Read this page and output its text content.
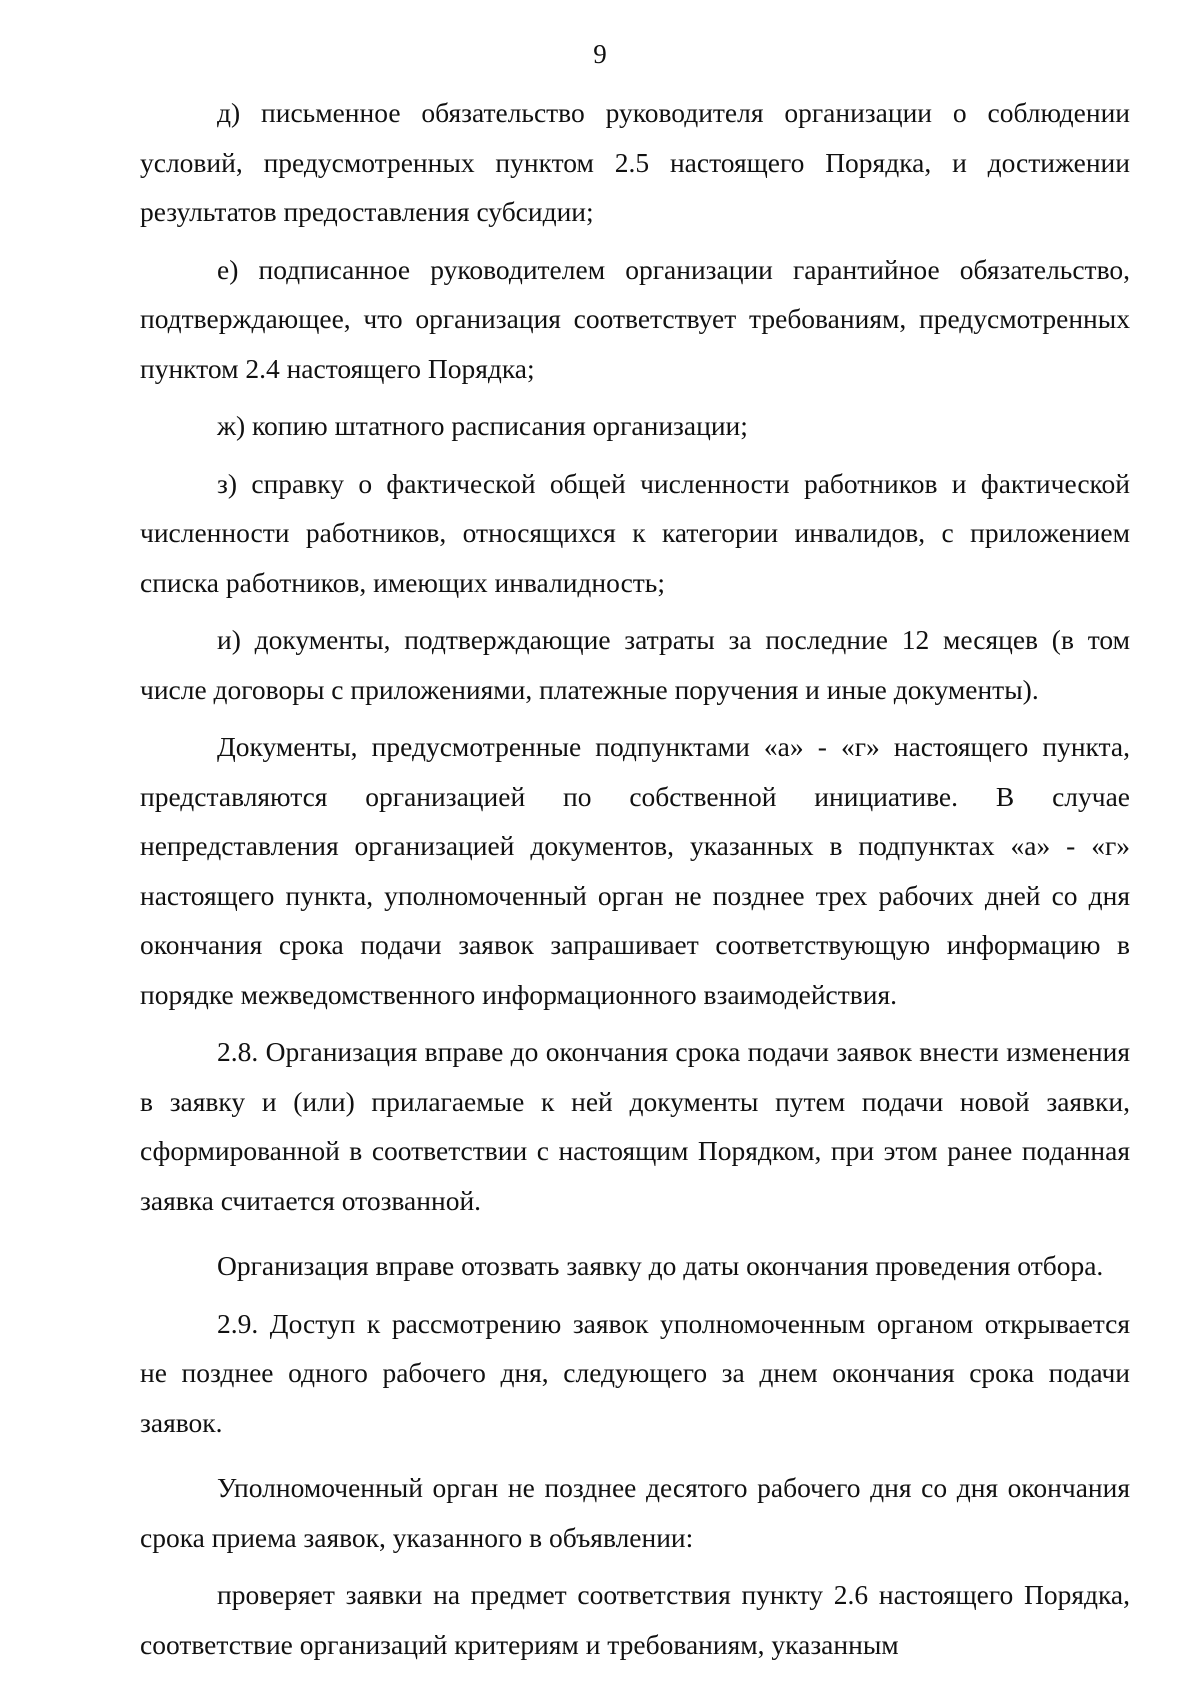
9

д) письменное обязательство руководителя организации о соблюдении условий, предусмотренных пунктом 2.5 настоящего Порядка, и достижении результатов предоставления субсидии;

е) подписанное руководителем организации гарантийное обязательство, подтверждающее, что организация соответствует требованиям, предусмотренных пунктом 2.4 настоящего Порядка;

ж) копию штатного расписания организации;

з) справку о фактической общей численности работников и фактической численности работников, относящихся к категории инвалидов, с приложением списка работников, имеющих инвалидность;

и) документы, подтверждающие затраты за последние 12 месяцев (в том числе договоры с приложениями, платежные поручения и иные документы).

Документы, предусмотренные подпунктами «а» - «г» настоящего пункта, представляются организацией по собственной инициативе. В случае непредставления организацией документов, указанных в подпунктах «а» - «г» настоящего пункта, уполномоченный орган не позднее трех рабочих дней со дня окончания срока подачи заявок запрашивает соответствующую информацию в порядке межведомственного информационного взаимодействия.

2.8. Организация вправе до окончания срока подачи заявок внести изменения в заявку и (или) прилагаемые к ней документы путем подачи новой заявки, сформированной в соответствии с настоящим Порядком, при этом ранее поданная заявка считается отозванной.

Организация вправе отозвать заявку до даты окончания проведения отбора.

2.9. Доступ к рассмотрению заявок уполномоченным органом открывается не позднее одного рабочего дня, следующего за днем окончания срока подачи заявок.

Уполномоченный орган не позднее десятого рабочего дня со дня окончания срока приема заявок, указанного в объявлении:

проверяет заявки на предмет соответствия пункту 2.6 настоящего Порядка, соответствие организаций критериям и требованиям, указанным
